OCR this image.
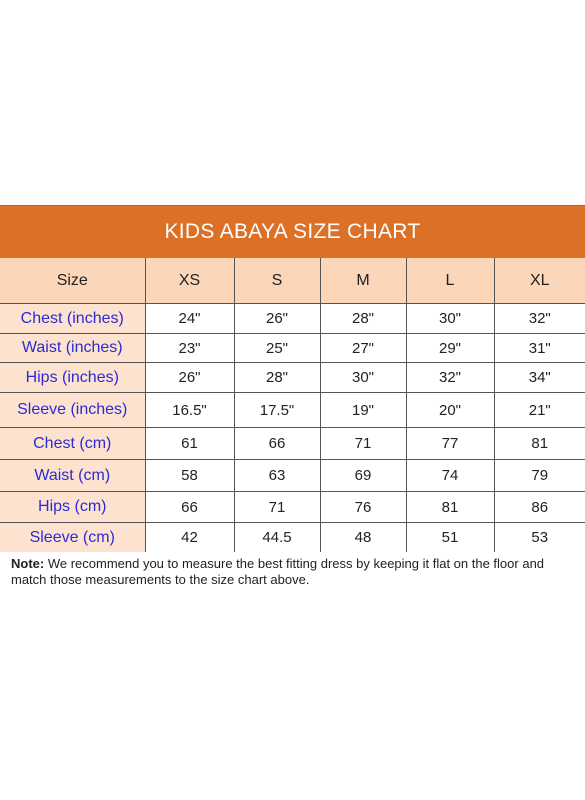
KIDS ABAYA SIZE CHART
Size	XS	S	M	L	XL
Chest (inches)	24"	26"	28"	30"	32"
Waist (inches)	23"	25"	27"	29"	31"
Hips (inches)	26"	28"	30"	32"	34"
Sleeve (inches)	16.5"	17.5"	19"	20"	21"
Chest (cm)	61	66	71	77	81
Waist (cm)	58	63	69	74	79
Hips (cm)	66	71	76	81	86
Sleeve (cm)	42	44.5	48	51	53
Note: We recommend you to measure the best fitting dress by keeping it flat on the floor and match those measurements to the size chart above.
